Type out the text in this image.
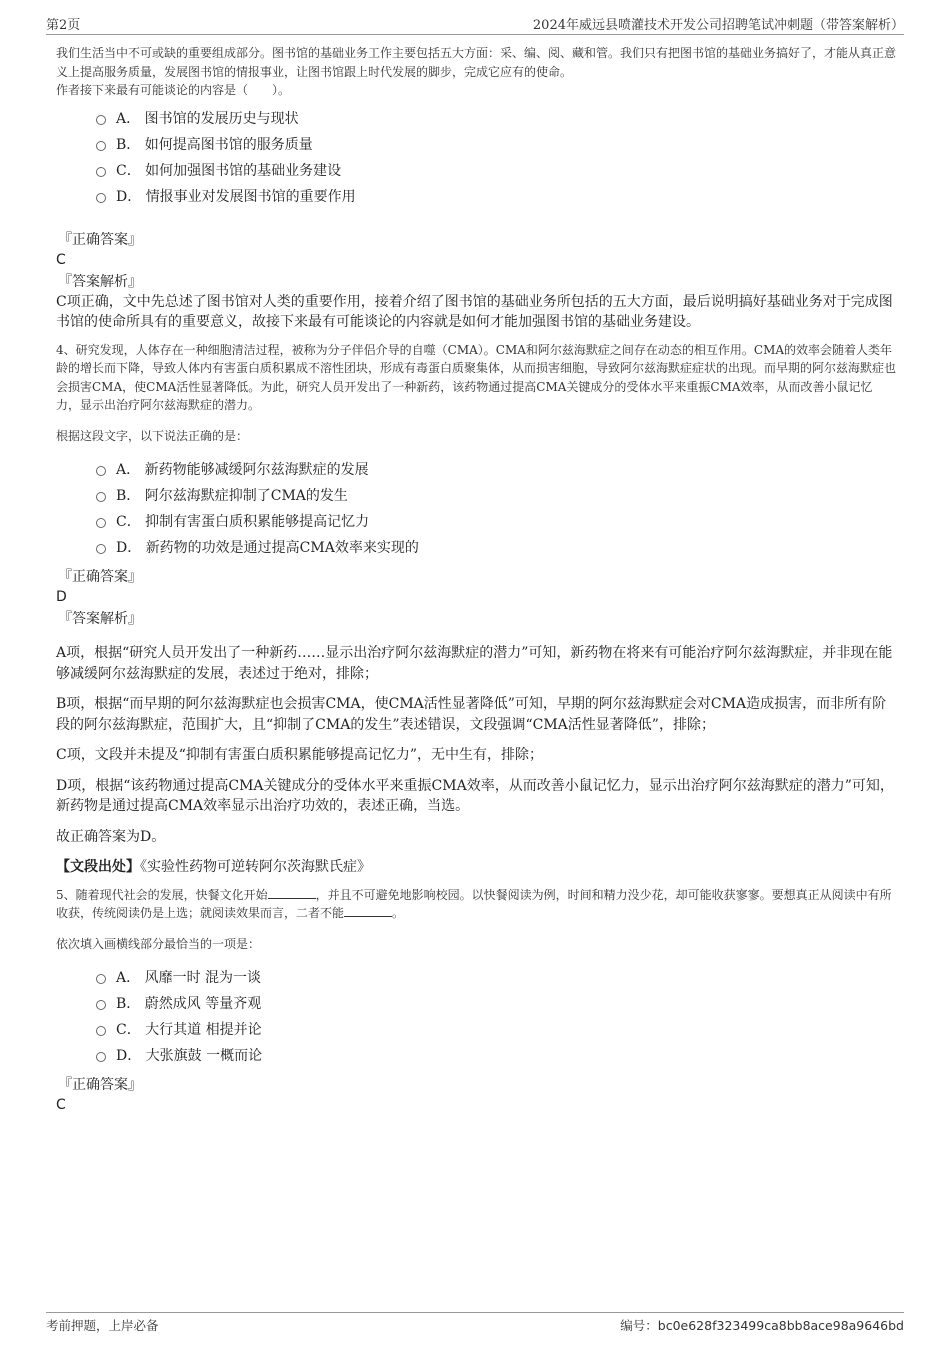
第2页	2024年威远县喷灌技术开发公司招聘笔试冲刺题（带答案解析）

我们生活当中不可或缺的重要组成部分。图书馆的基础业务工作主要包括五大方面：采、编、阅、藏和管。我们只有把图书馆的基础业务搞好了，才能从真正意义上提高服务质量，发展图书馆的情报事业，让图书馆跟上时代发展的脚步，完成它应有的使命。

作者接下来最有可能谈论的内容是（　　）。

A． 图书馆的发展历史与现状
B． 如何提高图书馆的服务质量
C． 如何加强图书馆的基础业务建设
D． 情报事业对发展图书馆的重要作用

『正确答案』

C

『答案解析』

C项正确，文中先总述了图书馆对人类的重要作用，接着介绍了图书馆的基础业务所包括的五大方面，最后说明搞好基础业务对于完成图书馆的使命所具有的重要意义，故接下来最有可能谈论的内容就是如何才能加强图书馆的基础业务建设。

4、研究发现，人体存在一种细胞清洁过程，被称为分子伴侣介导的自噬（CMA）。CMA和阿尔兹海默症之间存在动态的相互作用。CMA的效率会随着人类年龄的增长而下降，导致人体内有害蛋白质积累成不溶性团块，形成有毒蛋白质聚集体，从而损害细胞，导致阿尔兹海默症症状的出现。而早期的阿尔兹海默症也会损害CMA，使CMA活性显著降低。为此，研究人员开发出了一种新药，该药物通过提高CMA关键成分的受体水平来重振CMA效率，从而改善小鼠记忆力，显示出治疗阿尔兹海默症的潜力。

根据这段文字，以下说法正确的是：

A． 新药物能够减缓阿尔兹海默症的发展
B． 阿尔兹海默症抑制了CMA的发生
C． 抑制有害蛋白质积累能够提高记忆力
D． 新药物的功效是通过提高CMA效率来实现的

『正确答案』

D

『答案解析』

A项，根据“研究人员开发出了一种新药……显示出治疗阿尔兹海默症的潜力”可知，新药物在将来有可能治疗阿尔兹海默症，并非现在能够减缓阿尔兹海默症的发展，表述过于绝对，排除；

B项，根据“而早期的阿尔兹海默症也会损害CMA，使CMA活性显著降低”可知，早期的阿尔兹海默症会对CMA造成损害，而非所有阶段的阿尔兹海默症，范围扩大，且“抑制了CMA的发生”表述错误，文段强调“CMA活性显著降低”，排除；

C项，文段并未提及“抑制有害蛋白质积累能够提高记忆力”，无中生有，排除；

D项，根据“该药物通过提高CMA关键成分的受体水平来重振CMA效率，从而改善小鼠记忆力，显示出治疗阿尔兹海默症的潜力”可知，新药物是通过提高CMA效率显示出治疗功效的，表述正确，当选。

故正确答案为D。

【文段出处】《实验性药物可逆转阿尔茨海默氏症》

5、随着现代社会的发展，快餐文化开始	，并且不可避免地影响校园。以快餐阅读为例，时间和精力没少花，却可能收获寥寥。要想真正从阅读中有所收获，传统阅读仍是上选；就阅读效果而言，二者不能	。

依次填入画横线部分最恰当的一项是：

A． 风靡一时 混为一谈
B． 蔚然成风 等量齐观
C． 大行其道 相提并论
D． 大张旗鼓 一概而论

『正确答案』

C

考前押题，上岸必备	编号：bc0e628f323499ca8bb8ace98a9646bd
